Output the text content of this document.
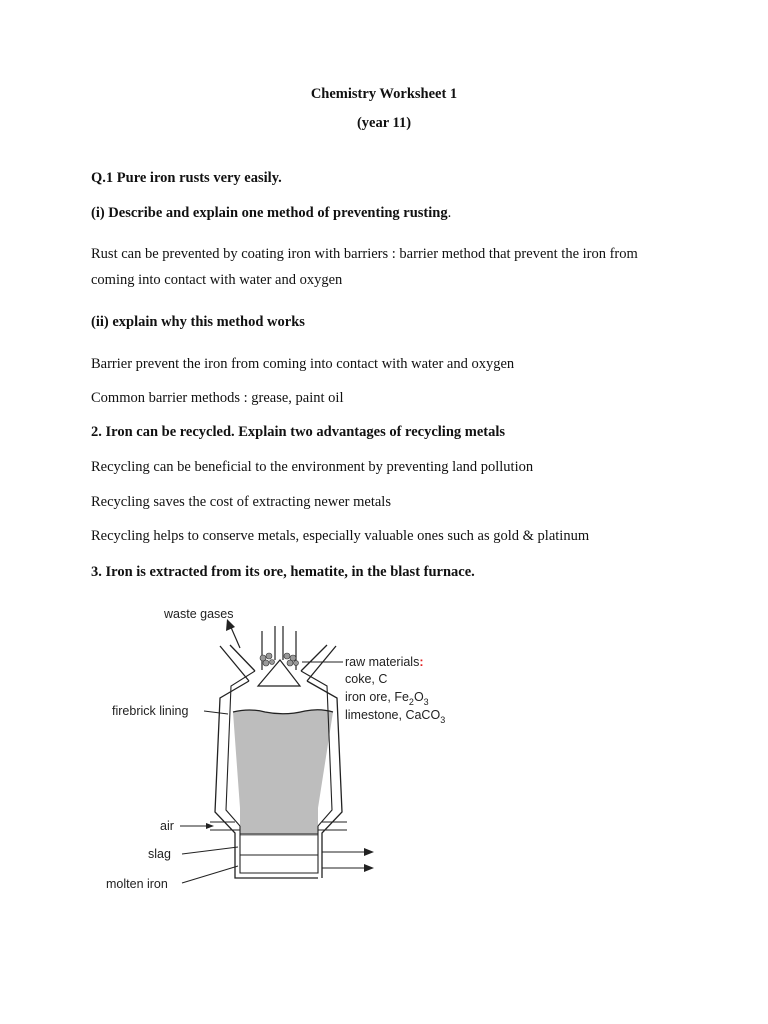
Chemistry Worksheet 1
(year 11)
Q.1 Pure iron rusts very easily.
(i) Describe and explain one method of preventing rusting.
Rust can be prevented by coating iron with barriers : barrier method that prevent the iron from
coming into contact with water and oxygen
(ii) explain why this method works
Barrier prevent the iron from coming into contact with water and oxygen
Common barrier methods : grease, paint oil
2. Iron can be recycled. Explain two advantages of recycling metals
Recycling can be beneficial to the environment by preventing land pollution
Recycling saves the cost of extracting newer metals
Recycling helps to conserve metals, especially valuable ones such as gold & platinum
3. Iron is extracted from its ore, hematite, in the blast furnace.
waste gases
raw materials:
coke, C
iron ore, $Fe_2O_3$
limestone, CaCO$_3$
firebrick lining
air
slag
molten iron
